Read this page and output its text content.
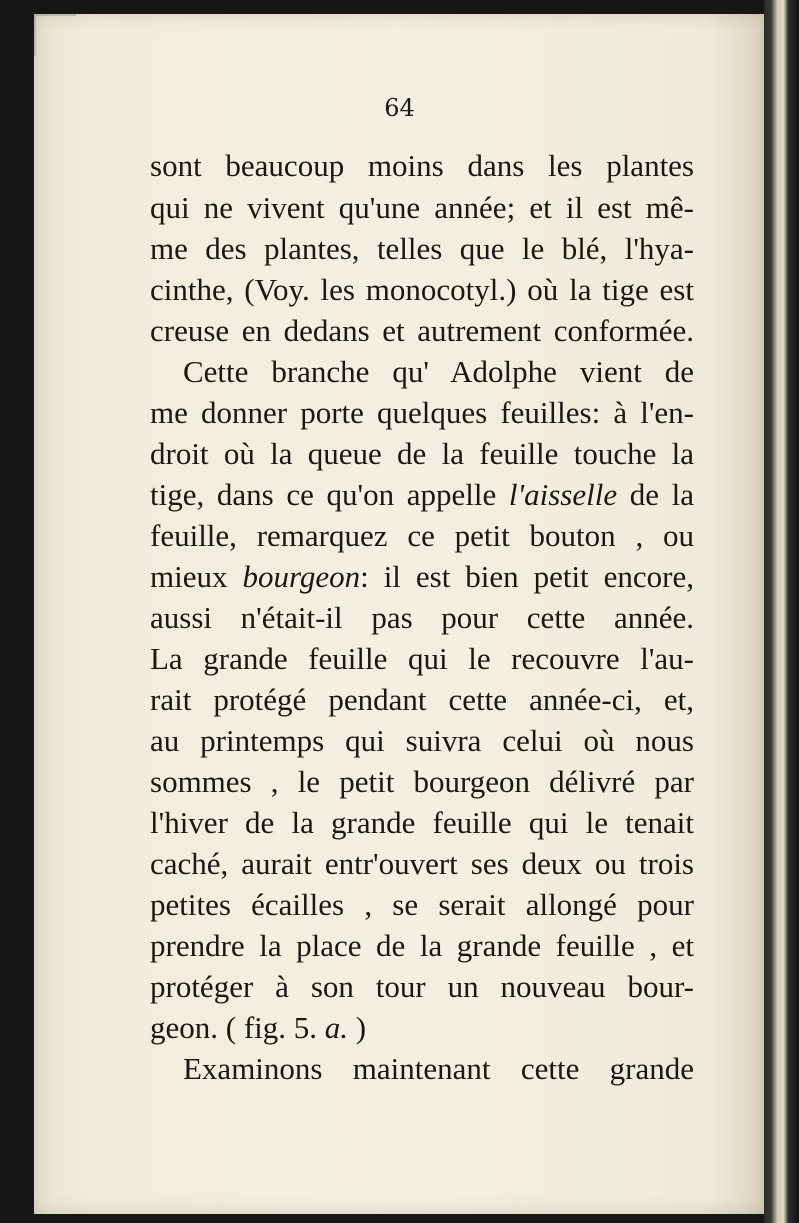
64
sont beaucoup moins dans les plantes
qui ne vivent qu'une année; et il est mê-
me des plantes, telles que le blé, l'hya-
cinthe, (Voy. les monocotyl.) où la tige est
creuse en dedans et autrement conformée.
Cette branche qu' Adolphe vient de
me donner porte quelques feuilles: à l'en-
droit où la queue de la feuille touche la
tige, dans ce qu'on appelle l'aisselle de la
feuille, remarquez ce petit bouton , ou
mieux bourgeon: il est bien petit encore,
aussi n'était-il pas pour cette année.
La grande feuille qui le recouvre l'au-
rait protégé pendant cette année-ci, et,
au printemps qui suivra celui où nous
sommes , le petit bourgeon délivré par
l'hiver de la grande feuille qui le tenait
caché, aurait entr'ouvert ses deux ou trois
petites écailles , se serait allongé pour
prendre la place de la grande feuille , et
protéger à son tour un nouveau bour-
geon. ( fig. 5. a. )
Examinons maintenant cette grande
